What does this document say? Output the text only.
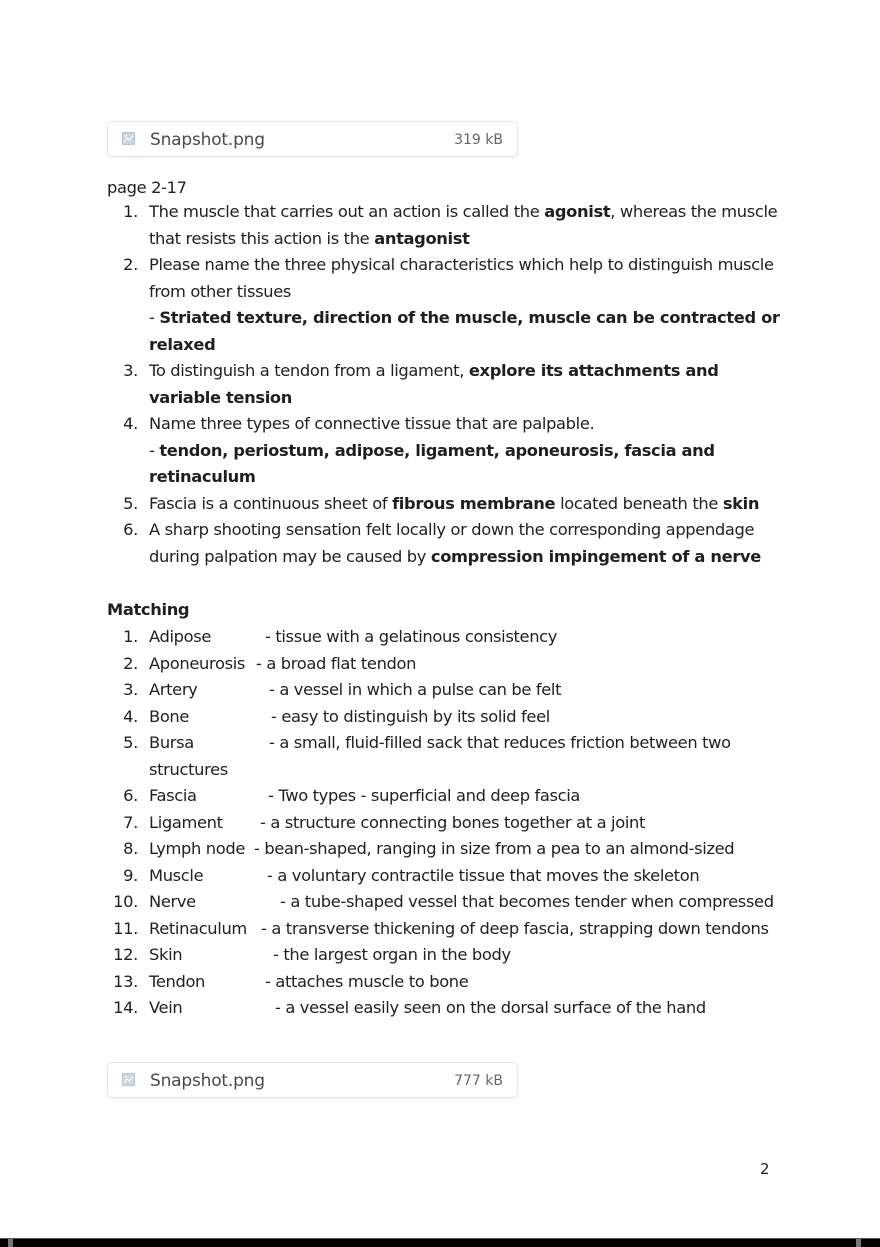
Snapshot.png	319 kB
page 2-17
1. The muscle that carries out an action is called the agonist, whereas the muscle
that resists this action is the antagonist
2. Please name the three physical characteristics which help to distinguish muscle
from other tissues
- Striated texture, direction of the muscle, muscle can be contracted or
relaxed
3. To distinguish a tendon from a ligament, explore its attachments and
variable tension
4. Name three types of connective tissue that are palpable.
- tendon, periostum, adipose, ligament, aponeurosis, fascia and
retinaculum
5. Fascia is a continuous sheet of fibrous membrane located beneath the skin
6. A sharp shooting sensation felt locally or down the corresponding appendage
during palpation may be caused by compression impingement of a nerve
Matching
1. Adipose	- tissue with a gelatinous consistency
2. Aponeurosis - a broad flat tendon
3. Artery	- a vessel in which a pulse can be felt
4. Bone	- easy to distinguish by its solid feel
5. Bursa	- a small, fluid-filled sack that reduces friction between two
structures
6. Fascia	- Two types - superficial and deep fascia
7. Ligament - a structure connecting bones together at a joint
8. Lymph node - bean-shaped, ranging in size from a pea to an almond-sized
9. Muscle	- a voluntary contractile tissue that moves the skeleton
10. Nerve	- a tube-shaped vessel that becomes tender when compressed
11. Retinaculum - a transverse thickening of deep fascia, strapping down tendons
12. Skin	- the largest organ in the body
13. Tendon	- attaches muscle to bone
14. Vein	- a vessel easily seen on the dorsal surface of the hand
Snapshot.png	777 kB
2
